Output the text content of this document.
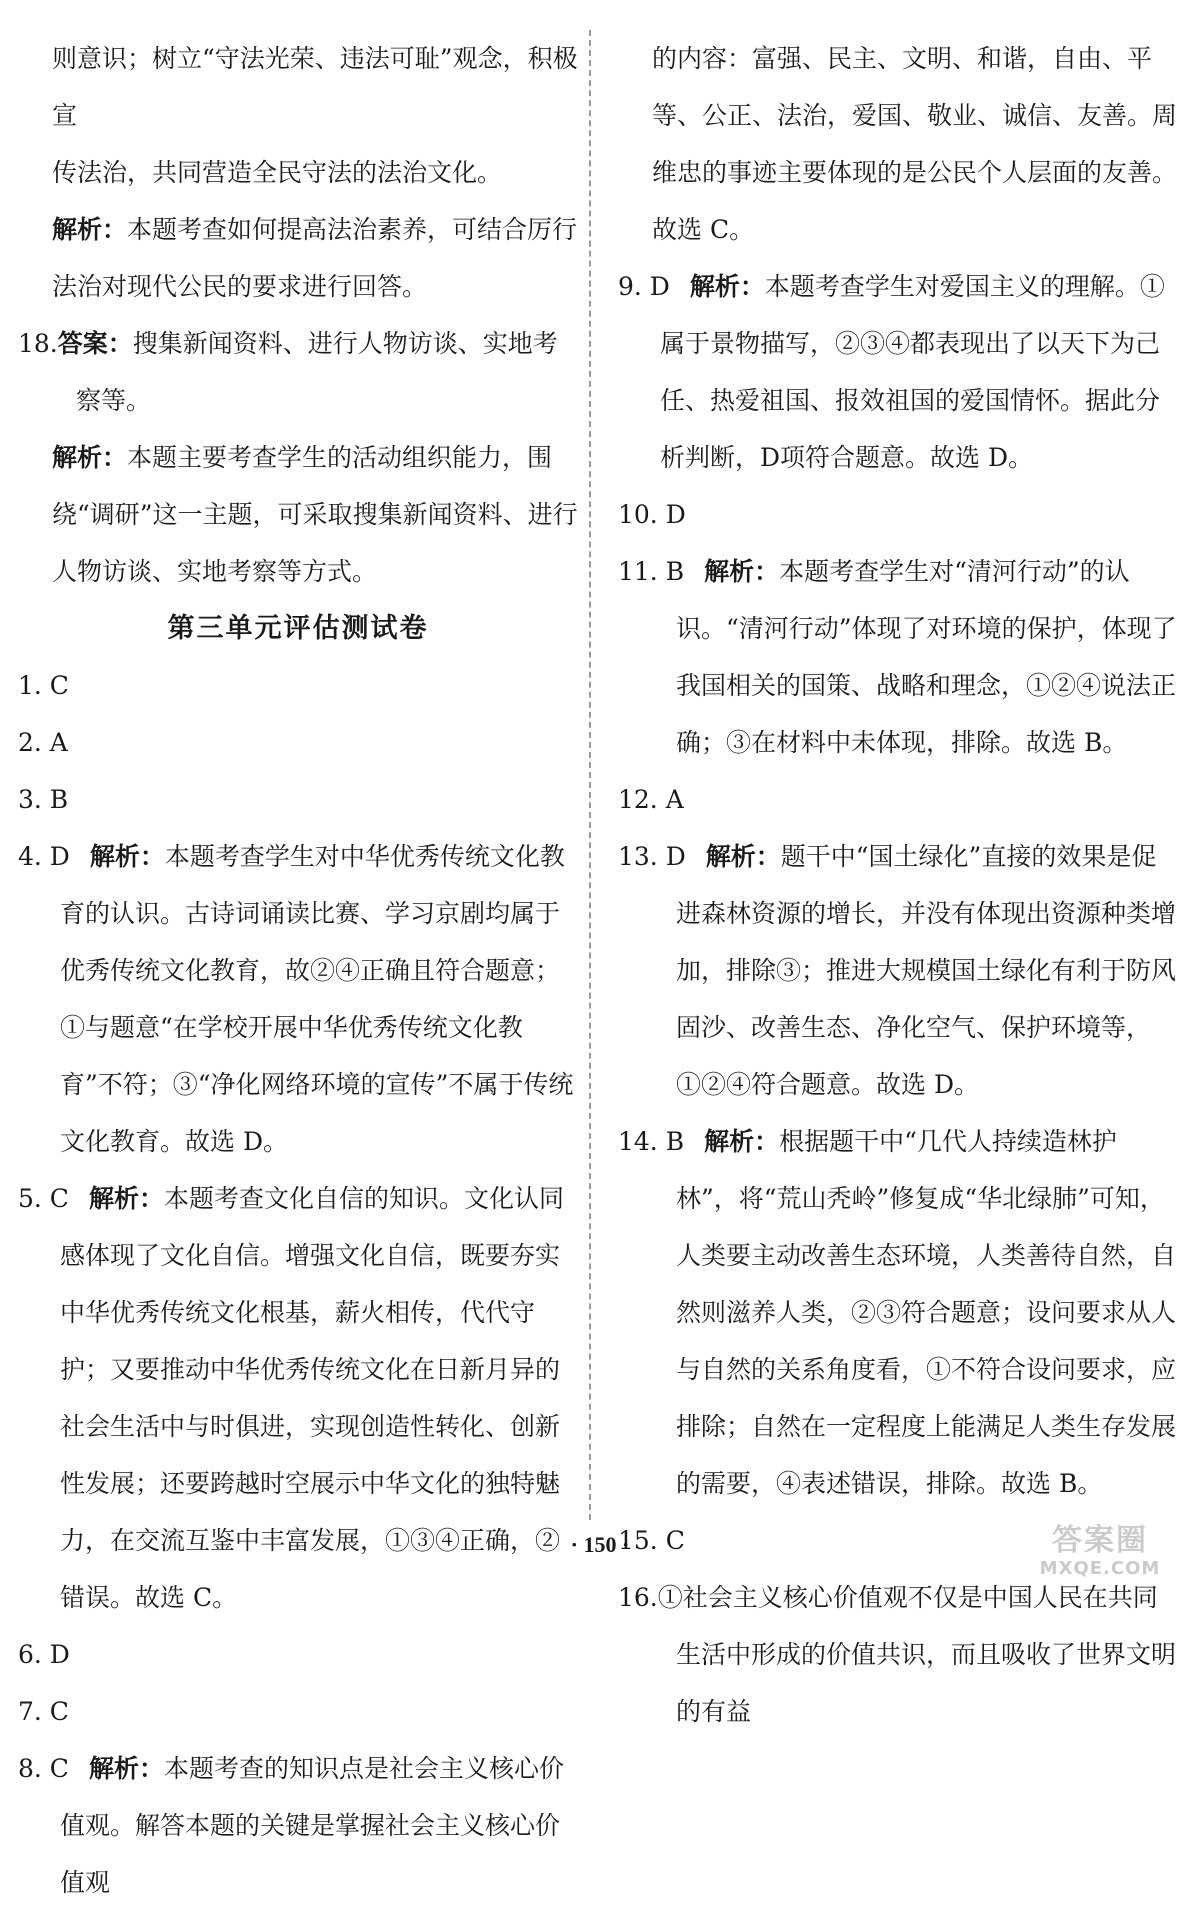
则意识；树立“守法光荣、违法可耻”观念，积极宣

传法治，共同营造全民守法的法治文化。

解析：本题考查如何提高法治素养，可结合厉行法治对现代公民的要求进行回答。

18.答案：搜集新闻资料、进行人物访谈、实地考察等。

解析：本题主要考查学生的活动组织能力，围绕“调研”这一主题，可采取搜集新闻资料、进行人物访谈、实地考察等方式。

第三单元评估测试卷

1. C

2. A

3. B

4. D 解析：本题考查学生对中华优秀传统文化教育的认识。古诗词诵读比赛、学习京剧均属于优秀传统文化教育，故②④正确且符合题意；①与题意“在学校开展中华优秀传统文化教育”不符；③“净化网络环境的宣传”不属于传统文化教育。故选 D。

5. C 解析：本题考查文化自信的知识。文化认同感体现了文化自信。增强文化自信，既要夯实中华优秀传统文化根基，薪火相传，代代守护；又要推动中华优秀传统文化在日新月异的社会生活中与时俱进，实现创造性转化、创新性发展；还要跨越时空展示中华文化的独特魅力，在交流互鉴中丰富发展，①③④正确，②错误。故选 C。

6. D

7. C

8. C 解析：本题考查的知识点是社会主义核心价值观。解答本题的关键是掌握社会主义核心价值观

的内容：富强、民主、文明、和谐，自由、平等、公正、法治，爱国、敬业、诚信、友善。周维忠的事迹主要体现的是公民个人层面的友善。故选 C。

9. D 解析：本题考查学生对爱国主义的理解。①属于景物描写，②③④都表现出了以天下为己任、热爱祖国、报效祖国的爱国情怀。据此分析判断，D项符合题意。故选 D。

10. D

11. B 解析：本题考查学生对“清河行动”的认识。“清河行动”体现了对环境的保护，体现了我国相关的国策、战略和理念，①②④说法正确；③在材料中未体现，排除。故选 B。

12. A

13. D 解析：题干中“国土绿化”直接的效果是促进森林资源的增长，并没有体现出资源种类增加，排除③；推进大规模国土绿化有利于防风固沙、改善生态、净化空气、保护环境等，①②④符合题意。故选 D。

14. B 解析：根据题干中“几代人持续造林护林”，将“荒山秃岭”修复成“华北绿肺”可知，人类要主动改善生态环境，人类善待自然，自然则滋养人类，②③符合题意；设问要求从人与自然的关系角度看，①不符合设问要求，应排除；自然在一定程度上能满足人类生存发展的需要，④表述错误，排除。故选 B。

15. C

16.①社会主义核心价值观不仅是中国人民在共同生活中形成的价值共识，而且吸收了世界文明的有益

· 150 ·	答案圈
MXQE.COM
